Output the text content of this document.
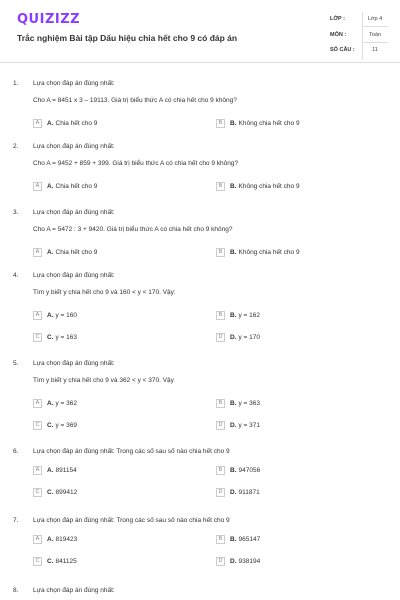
QUIZIZZ
Trắc nghiệm Bài tập Dấu hiệu chia hết cho 9 có đáp án
LỚP :	Lớp 4
MÔN :	Toán
SỐ CÂU :	11
1. Lựa chọn đáp án đúng nhất:
Cho A = 8451 x 3 – 19113. Giá trị biểu thức A có chia hết cho 9 không?
A	A. Chia hết cho 9	B	B. Không chia hết cho 9
2. Lựa chọn đáp án đúng nhất:
Cho A = 9452 + 859 + 399. Giá trị biểu thức A có chia hết cho 9 không?
A	A. Chia hết cho 9	B	B. Không chia hết cho 9
3. Lựa chọn đáp án đúng nhất:
Cho A = 5472 : 3 + 9420. Giá trị biểu thức A có chia hết cho 9 không?
A	A. Chia hết cho 9	B	B. Không chia hết cho 9
4. Lựa chọn đáp án đúng nhất:
Tìm y biết y chia hết cho 9 và 160 < y < 170. Vậy:
A	A. y = 160	B	B. y = 162
C	C. y = 163	D	D. y = 170
5. Lựa chọn đáp án đúng nhất:
Tìm y biết y chia hết cho 9 và 362 < y < 370. Vậy
A	A. y = 362	B	B. y = 363
C	C. y = 369	D	D. y = 371
6. Lựa chọn đáp án đúng nhất: Trong các số sau số nào chia hết cho 9
A	A. 891154	B	B. 947056
C	C. 899412	D	D. 911871
7. Lựa chọn đáp án đúng nhất: Trong các số sau số nào chia hết cho 9
A	A. 819423	B	B. 965147
C	C. 841125	D	D. 938194
8. Lựa chọn đáp án đúng nhất:
